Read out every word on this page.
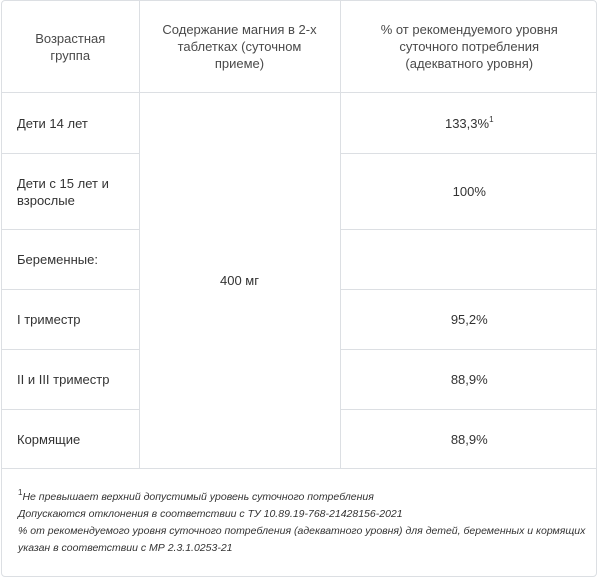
Возрастная группа	Содержание магния в 2-х таблетках (суточном приеме)	% от рекомендуемого уровня суточного потребления (адекватного уровня)

Дети 14 лет	400 мг	133,3%$^1$

Дети с 15 лет и взрослые		100%
Беременные:		
I триместр		95,2%
II и III триместр		88,9%
Кормящие		88,9%
$^1$Не превышает верхний допустимый уровень суточного потребления
Допускаются отклонения в соответствии с ТУ 10.89.19-768-21428156-2021
% от рекомендуемого уровня суточного потребления (адекватного уровня) для детей, беременных и кормящих
указан в соответствии с МР 2.3.1.0253-21
